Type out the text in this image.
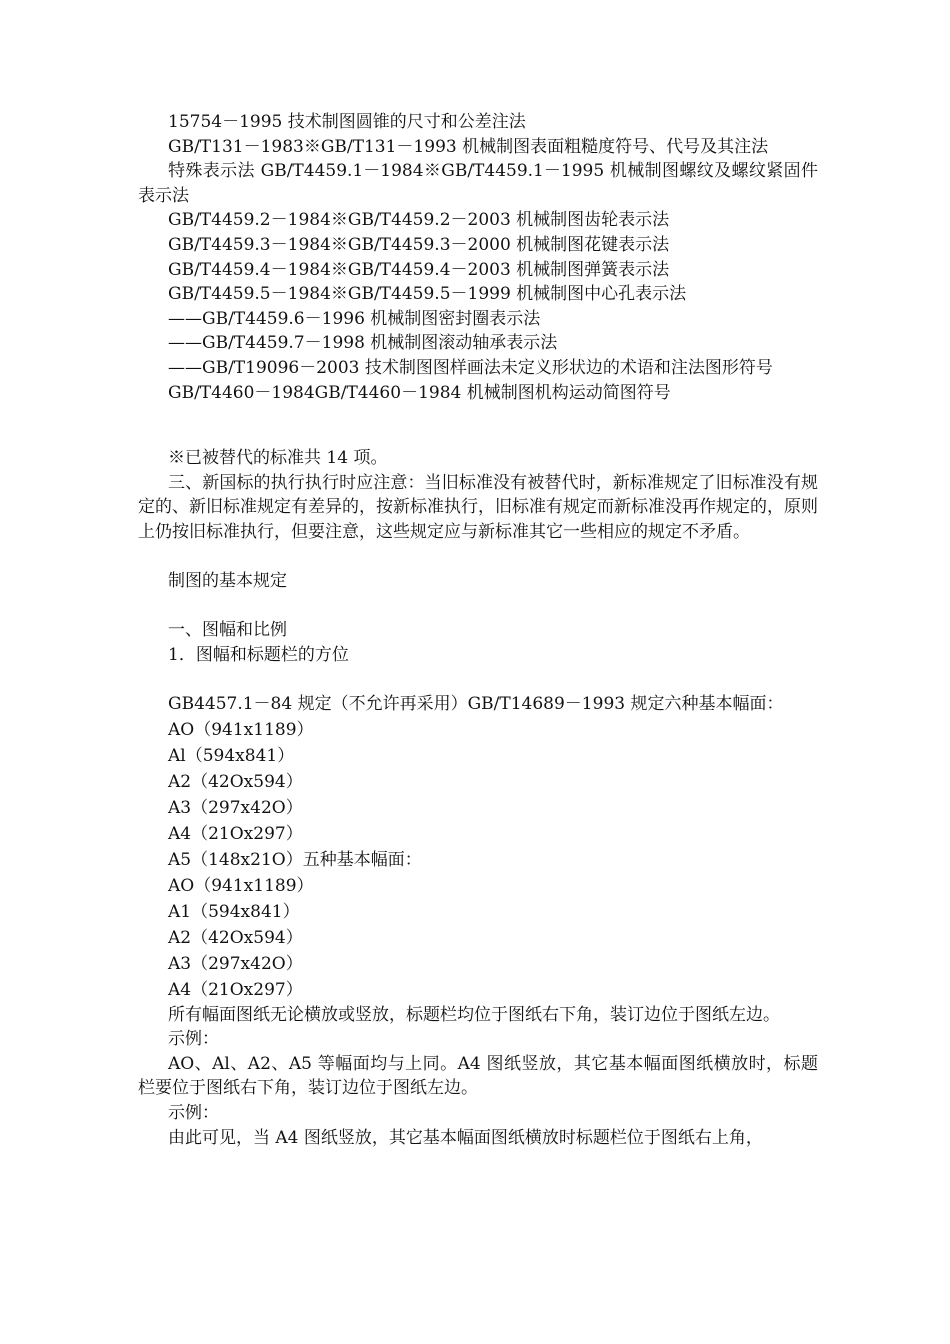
15754－1995 技术制图圆锥的尺寸和公差注法
GB/T131－1983※GB/T131－1993 机械制图表面粗糙度符号、代号及其注法
特殊表示法 GB/T4459.1－1984※GB/T4459.1－1995 机械制图螺纹及螺纹紧固件表示法
GB/T4459.2－1984※GB/T4459.2－2003 机械制图齿轮表示法
GB/T4459.3－1984※GB/T4459.3－2000 机械制图花键表示法
GB/T4459.4－1984※GB/T4459.4－2003 机械制图弹簧表示法
GB/T4459.5－1984※GB/T4459.5－1999 机械制图中心孔表示法
——GB/T4459.6－1996 机械制图密封圈表示法
——GB/T4459.7－1998 机械制图滚动轴承表示法
——GB/T19096－2003 技术制图图样画法未定义形状边的术语和注法图形符号
GB/T4460－1984GB/T4460－1984 机械制图机构运动简图符号
※已被替代的标准共 14 项。
三、新国标的执行执行时应注意：当旧标准没有被替代时，新标准规定了旧标准没有规定的、新旧标准规定有差异的，按新标准执行，旧标准有规定而新标准没再作规定的，原则上仍按旧标准执行，但要注意，这些规定应与新标准其它一些相应的规定不矛盾。
制图的基本规定
一、图幅和比例
1．图幅和标题栏的方位
GB4457.1－84 规定（不允许再采用）GB/T14689－1993 规定六种基本幅面：
AO（941x1189）
Al（594x841）
A2（42Ox594）
A3（297x42O）
A4（21Ox297）
A5（148x21O）五种基本幅面：
AO（941x1189）
A1（594x841）
A2（42Ox594）
A3（297x42O）
A4（21Ox297）
所有幅面图纸无论横放或竖放，标题栏均位于图纸右下角，装订边位于图纸左边。
示例：
AO、Al、A2、A5 等幅面均与上同。A4 图纸竖放，其它基本幅面图纸横放时，标题栏要位于图纸右下角，装订边位于图纸左边。
示例：
由此可见，当 A4 图纸竖放，其它基本幅面图纸横放时标题栏位于图纸右上角，
